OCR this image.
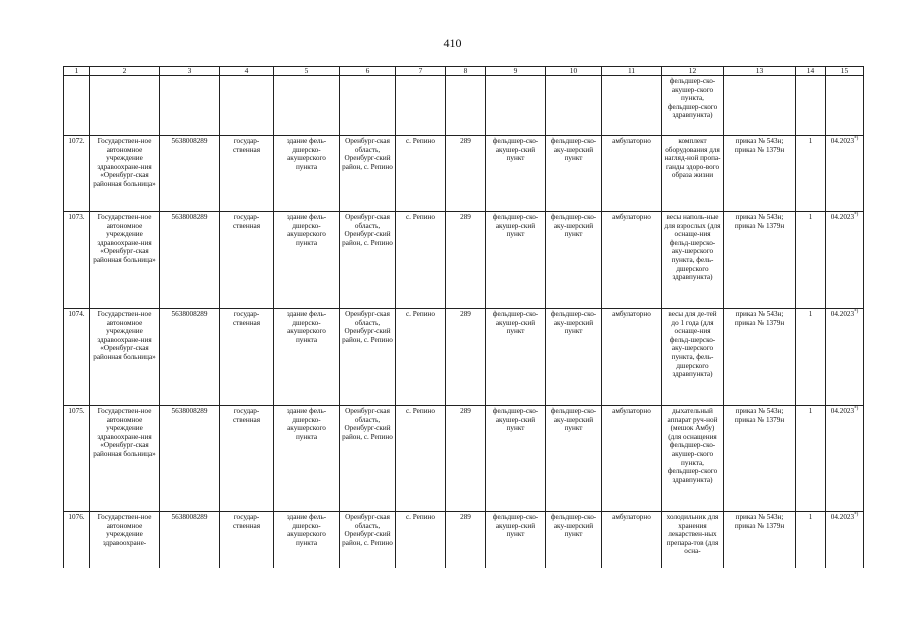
410
1	2	3	4	5	6	7	8	9	10	11	12	13	14	15
											фельдшер-ско-акушер-ского пункта, фельдшер-ского здравпункта)			
1072.	Государствен-ное автономное учреждение здравоохране-ния «Оренбург-ская районная больница»	5638008289	государ-ственная	здание фель-дшерско-акушерского пункта	Оренбург-ская область, Оренбург-ский район, с. Репино	с. Репино	289	фельдшер-ско-акушер-ский пункт	фельдшер-ско-аку-шерский пункт	амбулаторно	комплект оборудования для нагляд-ной пропа-ганды здоро-вого образа жизни	приказ № 543н; приказ № 1379н	1	04.2023*)
1073.	Государствен-ное автономное учреждение здравоохране-ния «Оренбург-ская районная больница»	5638008289	государ-ственная	здание фель-дшерско-акушерского пункта	Оренбург-ская область, Оренбург-ский район, с. Репино	с. Репино	289	фельдшер-ско-акушер-ский пункт	фельдшер-ско-аку-шерский пункт	амбулаторно	весы наполь-ные для взрослых (для оснаще-ния фельд-шерско-аку-шерского пункта, фель-дшерского здравпункта)	приказ № 543н; приказ № 1379н	1	04.2023*)
1074.	Государствен-ное автономное учреждение здравоохране-ния «Оренбург-ская районная больница»	5638008289	государ-ственная	здание фель-дшерско-акушерского пункта	Оренбург-ская область, Оренбург-ский район, с. Репино	с. Репино	289	фельдшер-ско-акушер-ский пункт	фельдшер-ско-аку-шерский пункт	амбулаторно	весы для де-тей до 1 года (для оснаще-ния фельд-шерско-аку-шерского пункта, фель-дшерского здравпункта)	приказ № 543н; приказ № 1379н	1	04.2023*)
1075.	Государствен-ное автономное учреждение здравоохране-ния «Оренбург-ская районная больница»	5638008289	государ-ственная	здание фель-дшерско-акушерского пункта	Оренбург-ская область, Оренбург-ский район, с. Репино	с. Репино	289	фельдшер-ско-акушер-ский пункт	фельдшер-ско-аку-шерский пункт	амбулаторно	дыхательный аппарат руч-ной (мешок Амбу) (для оснащения фельдшер-ско-акушер-ского пункта, фельдшер-ского здравпункта)	приказ № 543н; приказ № 1379н	1	04.2023*)
1076.	Государствен-ное автономное учреждение здравоохране-	5638008289	государ-ственная	здание фель-дшерско-акушерского пункта	Оренбург-ская область, Оренбург-ский район, с. Репино	с. Репино	289	фельдшер-ско-акушер-ский пункт	фельдшер-ско-аку-шерский пункт	амбулаторно	холодильник для хранения лекарствен-ных препара-тов (для осна-	приказ № 543н; приказ № 1379н	1	04.2023*)
